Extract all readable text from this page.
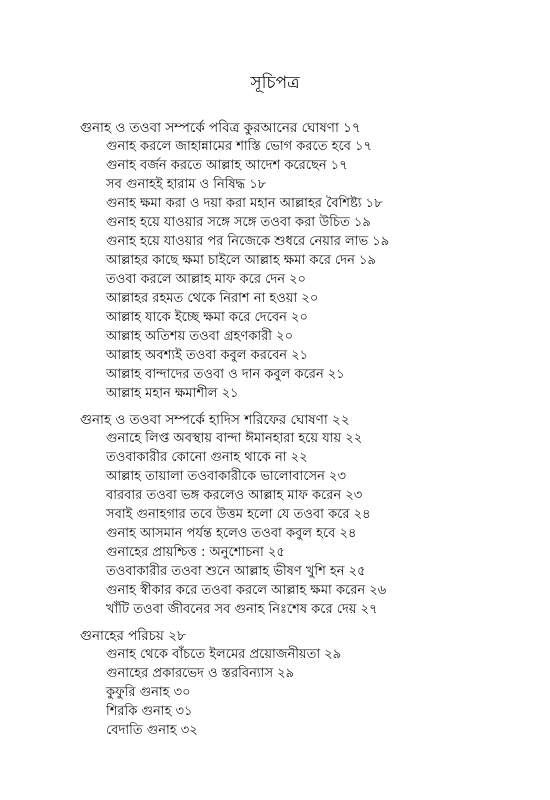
সূচিপত্র
গুনাহ ও তওবা সম্পর্কে পবিত্র কুরআনের ঘোষণা ১৭
গুনাহ করলে জাহান্নামের শাস্তি ভোগ করতে হবে ১৭
গুনাহ বর্জন করতে আল্লাহ আদেশ করেছেন ১৭
সব গুনাহই হারাম ও নিষিদ্ধ ১৮
গুনাহ ক্ষমা করা ও দয়া করা মহান আল্লাহর বৈশিষ্ট্য ১৮
গুনাহ হয়ে যাওয়ার সঙ্গে সঙ্গে তওবা করা উচিত ১৯
গুনাহ হয়ে যাওয়ার পর নিজেকে শুধরে নেয়ার লাভ ১৯
আল্লাহর কাছে ক্ষমা চাইলে আল্লাহ ক্ষমা করে দেন ১৯
তওবা করলে আল্লাহ মাফ করে দেন ২০
আল্লাহর রহমত থেকে নিরাশ না হওয়া ২০
আল্লাহ যাকে ইচ্ছে ক্ষমা করে দেবেন ২০
আল্লাহ অতিশয় তওবা গ্রহণকারী ২০
আল্লাহ অবশ্যই তওবা কবুল করবেন ২১
আল্লাহ বান্দাদের তওবা ও দান কবুল করেন ২১
আল্লাহ মহান ক্ষমাশীল ২১
গুনাহ ও তওবা সম্পর্কে হাদিস শরিফের ঘোষণা ২২
গুনাহে লিপ্ত অবস্থায় বান্দা ঈমানহারা হয়ে যায় ২২
তওবাকারীর কোনো গুনাহ থাকে না ২২
আল্লাহ তায়ালা তওবাকারীকে ভালোবাসেন ২৩
বারবার তওবা ভঙ্গ করলেও আল্লাহ মাফ করেন ২৩
সবাই গুনাহগার তবে উত্তম হলো যে তওবা করে ২৪
গুনাহ আসমান পর্যন্ত হলেও তওবা কবুল হবে ২৪
গুনাহের প্রায়শ্চিত্ত : অনুশোচনা ২৫
তওবাকারীর তওবা শুনে আল্লাহ ভীষণ খুশি হন ২৫
গুনাহ স্বীকার করে তওবা করলে আল্লাহ ক্ষমা করেন ২৬
খাঁটি তওবা জীবনের সব গুনাহ নিঃশেষ করে দেয় ২৭
গুনাহের পরিচয় ২৮
গুনাহ থেকে বাঁচতে ইলমের প্রয়োজনীয়তা ২৯
গুনাহের প্রকারভেদ ও স্তরবিন্যাস ২৯
কুফুরি গুনাহ ৩০
শিরকি গুনাহ ৩১
বেদাতি গুনাহ ৩২
